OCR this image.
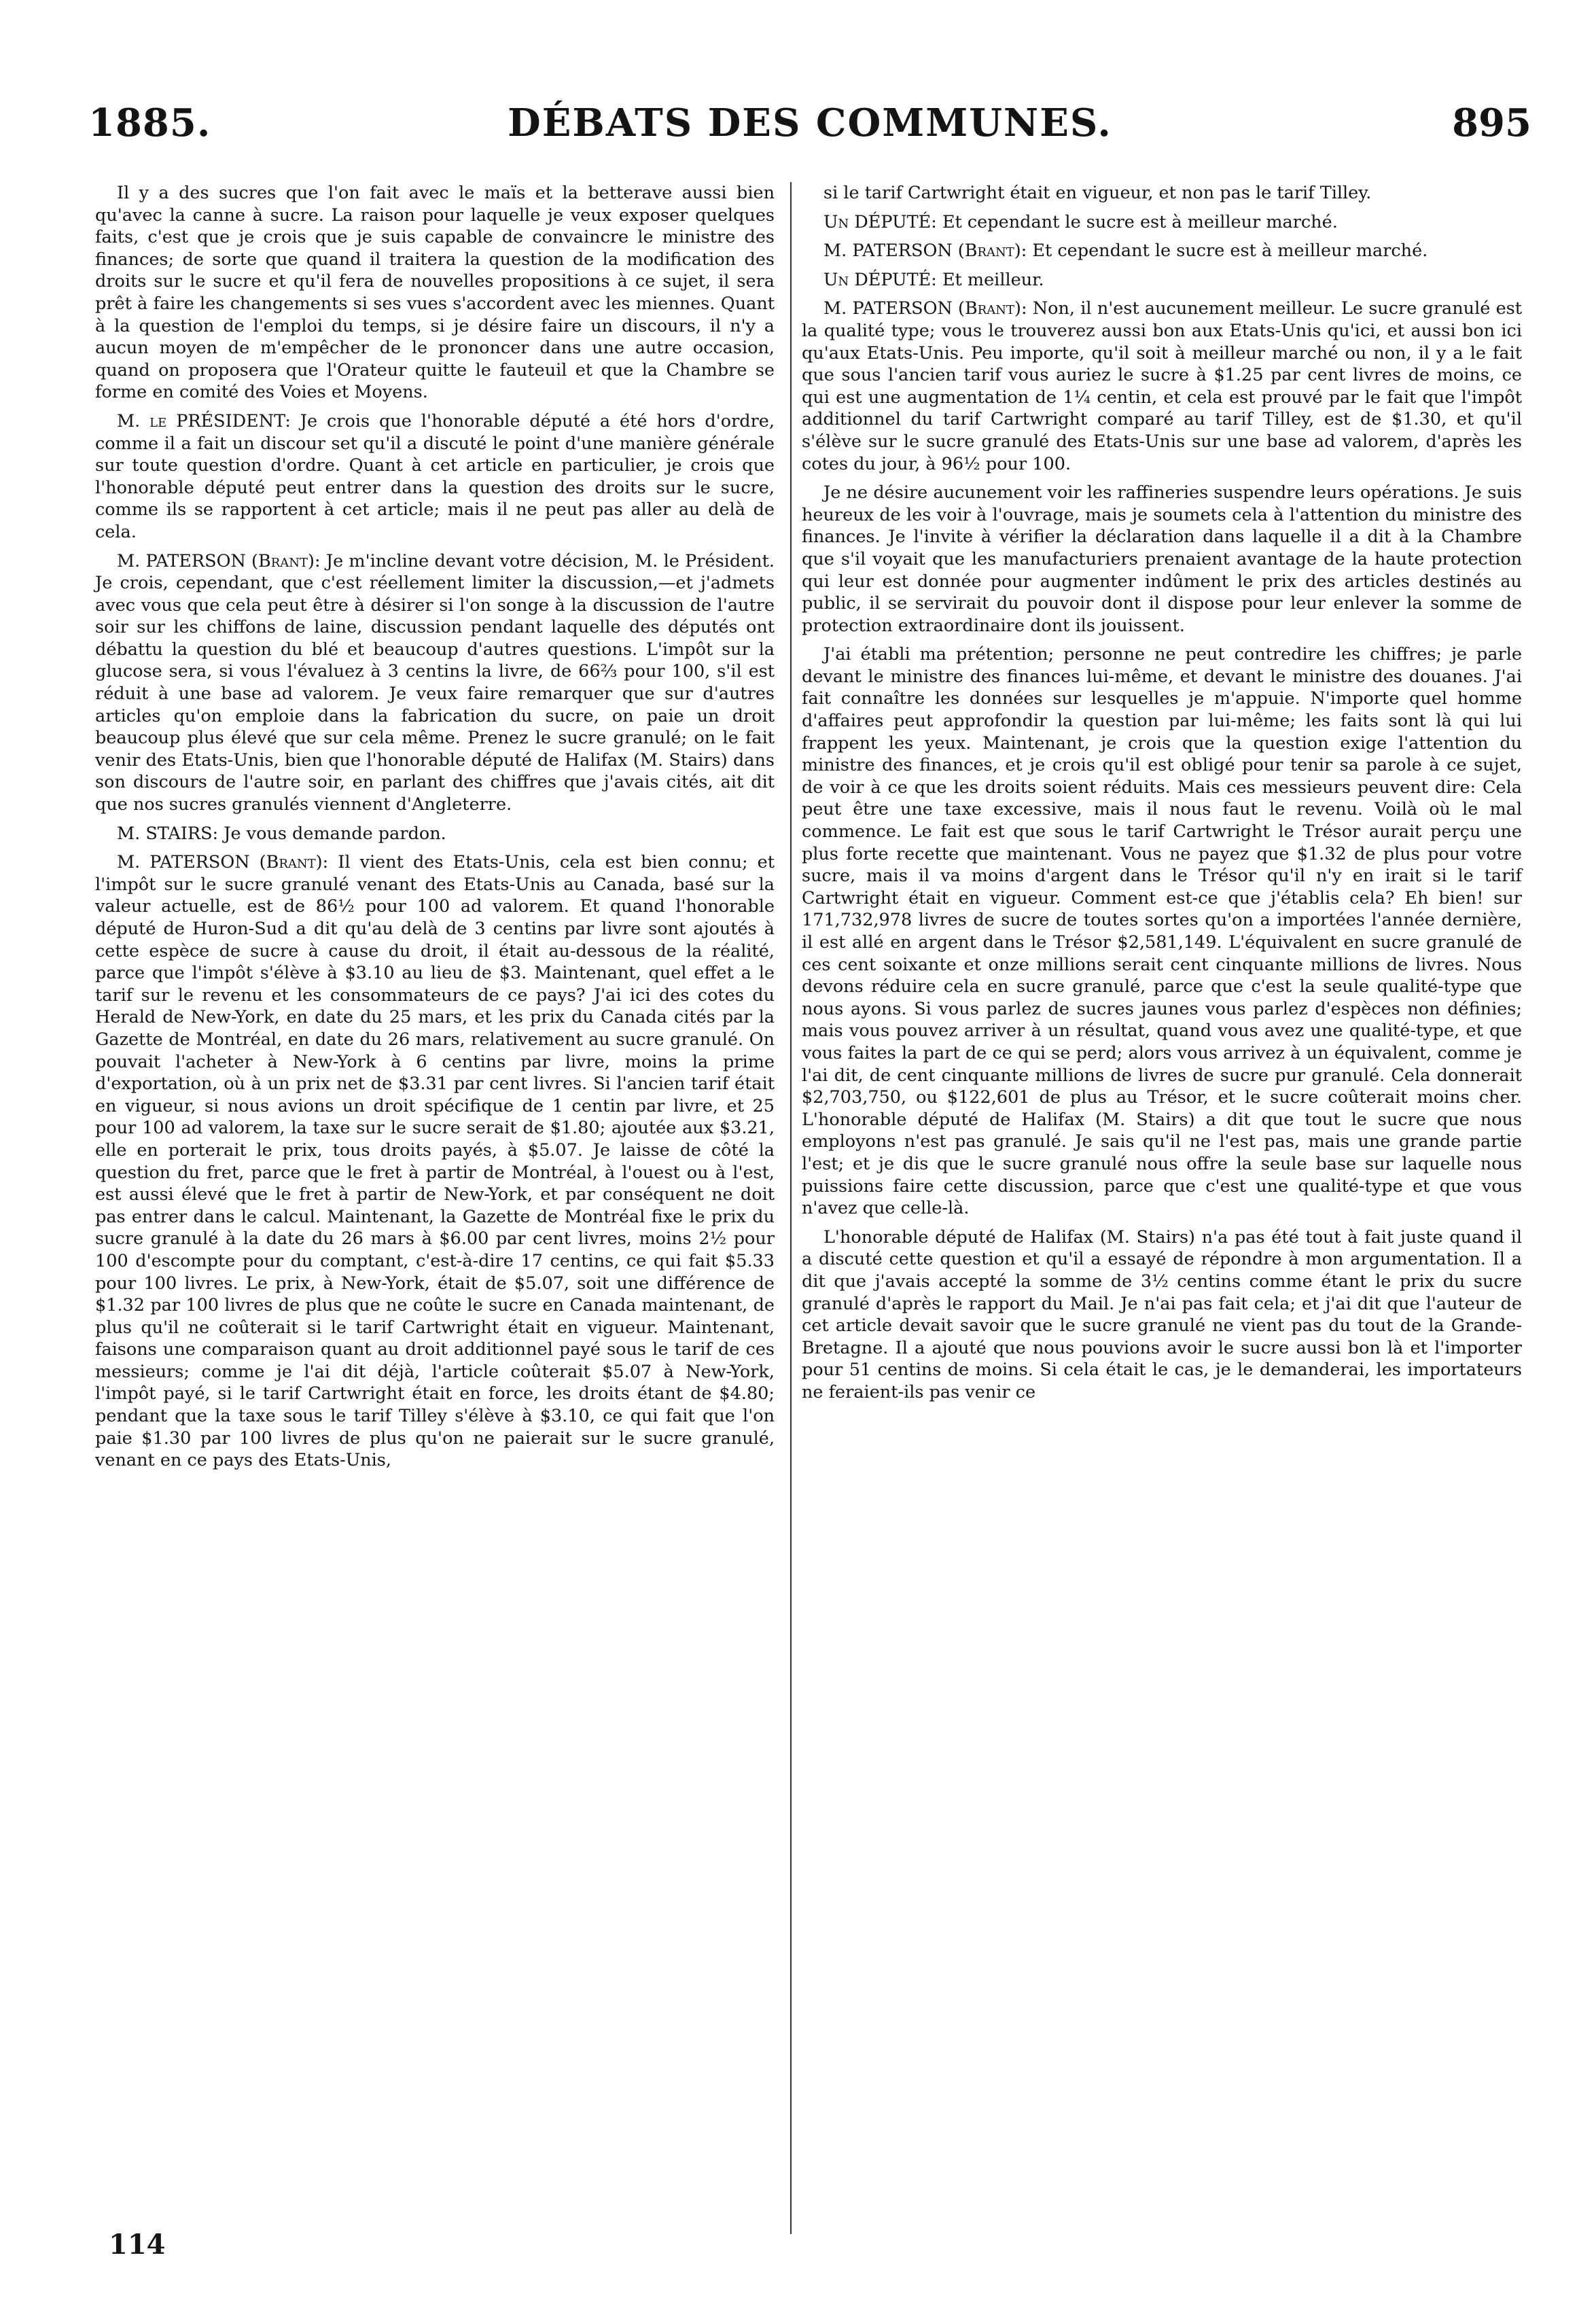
1885.	DÉBATS DES COMMUNES.	895

Il y a des sucres que l'on fait avec le maïs et la betterave aussi bien qu'avec la canne à sucre. La raison pour laquelle je veux exposer quelques faits, c'est que je crois que je suis capable de convaincre le ministre des finances; de sorte que quand il traitera la question de la modification des droits sur le sucre et qu'il fera de nouvelles propositions à ce sujet, il sera prêt à faire les changements si ses vues s'accordent avec les miennes. Quant à la question de l'emploi du temps, si je désire faire un discours, il n'y a aucun moyen de m'empêcher de le prononcer dans une autre occasion, quand on proposera que l'Orateur quitte le fauteuil et que la Chambre se forme en comité des Voies et Moyens.

M. le PRÉSIDENT: Je crois que l'honorable député a été hors d'ordre, comme il a fait un discour set qu'il a discuté le point d'une manière générale sur toute question d'ordre. Quant à cet article en particulier, je crois que l'honorable député peut entrer dans la question des droits sur le sucre, comme ils se rapportent à cet article; mais il ne peut pas aller au delà de cela.

M. PATERSON (Brant): Je m'incline devant votre décision, M. le Président. Je crois, cependant, que c'est réellement limiter la discussion,—et j'admets avec vous que cela peut être à désirer si l'on songe à la discussion de l'autre soir sur les chiffons de laine, discussion pendant laquelle des députés ont débattu la question du blé et beaucoup d'autres questions. L'impôt sur la glucose sera, si vous l'évaluez à 3 centins la livre, de 66⅔ pour 100, s'il est réduit à une base ad valorem. Je veux faire remarquer que sur d'autres articles qu'on emploie dans la fabrication du sucre, on paie un droit beaucoup plus élevé que sur cela même. Prenez le sucre granulé; on le fait venir des Etats-Unis, bien que l'honorable député de Halifax (M. Stairs) dans son discours de l'autre soir, en parlant des chiffres que j'avais cités, ait dit que nos sucres granulés viennent d'Angleterre.

M. STAIRS: Je vous demande pardon.

M. PATERSON (Brant): Il vient des Etats-Unis, cela est bien connu; et l'impôt sur le sucre granulé venant des Etats-Unis au Canada, basé sur la valeur actuelle, est de 86½ pour 100 ad valorem. Et quand l'honorable député de Huron-Sud a dit qu'au delà de 3 centins par livre sont ajoutés à cette espèce de sucre à cause du droit, il était au-dessous de la réalité, parce que l'impôt s'élève à $3.10 au lieu de $3. Maintenant, quel effet a le tarif sur le revenu et les consommateurs de ce pays? J'ai ici des cotes du Herald de New-York, en date du 25 mars, et les prix du Canada cités par la Gazette de Montréal, en date du 26 mars, relativement au sucre granulé. On pouvait l'acheter à New-York à 6 centins par livre, moins la prime d'exportation, où à un prix net de $3.31 par cent livres. Si l'ancien tarif était en vigueur, si nous avions un droit spécifique de 1 centin par livre, et 25 pour 100 ad valorem, la taxe sur le sucre serait de $1.80; ajoutée aux $3.21, elle en porterait le prix, tous droits payés, à $5.07. Je laisse de côté la question du fret, parce que le fret à partir de Montréal, à l'ouest ou à l'est, est aussi élevé que le fret à partir de New-York, et par conséquent ne doit pas entrer dans le calcul. Maintenant, la Gazette de Montréal fixe le prix du sucre granulé à la date du 26 mars à $6.00 par cent livres, moins 2½ pour 100 d'escompte pour du comptant, c'est-à-dire 17 centins, ce qui fait $5.33 pour 100 livres. Le prix, à New-York, était de $5.07, soit une différence de $1.32 par 100 livres de plus que ne coûte le sucre en Canada maintenant, de plus qu'il ne coûterait si le tarif Cartwright était en vigueur. Maintenant, faisons une comparaison quant au droit additionnel payé sous le tarif de ces messieurs; comme je l'ai dit déjà, l'article coûterait $5.07 à New-York, l'impôt payé, si le tarif Cartwright était en force, les droits étant de $4.80; pendant que la taxe sous le tarif Tilley s'élève à $3.10, ce qui fait que l'on paie $1.30 par 100 livres de plus qu'on ne paierait sur le sucre granulé, venant en ce pays des Etats-Unis,

si le tarif Cartwright était en vigueur, et non pas le tarif Tilley.

Un DÉPUTÉ: Et cependant le sucre est à meilleur marché.

M. PATERSON (Brant): Et cependant le sucre est à meilleur marché.

Un DÉPUTÉ: Et meilleur.

M. PATERSON (Brant): Non, il n'est aucunement meilleur. Le sucre granulé est la qualité type; vous le trouverez aussi bon aux Etats-Unis qu'ici, et aussi bon ici qu'aux Etats-Unis. Peu importe, qu'il soit à meilleur marché ou non, il y a le fait que sous l'ancien tarif vous auriez le sucre à $1.25 par cent livres de moins, ce qui est une augmentation de 1¼ centin, et cela est prouvé par le fait que l'impôt additionnel du tarif Cartwright comparé au tarif Tilley, est de $1.30, et qu'il s'élève sur le sucre granulé des Etats-Unis sur une base ad valorem, d'après les cotes du jour, à 96½ pour 100.

Je ne désire aucunement voir les raffineries suspendre leurs opérations. Je suis heureux de les voir à l'ouvrage, mais je soumets cela à l'attention du ministre des finances. Je l'invite à vérifier la déclaration dans laquelle il a dit à la Chambre que s'il voyait que les manufacturiers prenaient avantage de la haute protection qui leur est donnée pour augmenter indûment le prix des articles destinés au public, il se servirait du pouvoir dont il dispose pour leur enlever la somme de protection extraordinaire dont ils jouissent.

J'ai établi ma prétention; personne ne peut contredire les chiffres; je parle devant le ministre des finances lui-même, et devant le ministre des douanes. J'ai fait connaître les données sur lesquelles je m'appuie. N'importe quel homme d'affaires peut approfondir la question par lui-même; les faits sont là qui lui frappent les yeux. Maintenant, je crois que la question exige l'attention du ministre des finances, et je crois qu'il est obligé pour tenir sa parole à ce sujet, de voir à ce que les droits soient réduits. Mais ces messieurs peuvent dire: Cela peut être une taxe excessive, mais il nous faut le revenu. Voilà où le mal commence. Le fait est que sous le tarif Cartwright le Trésor aurait perçu une plus forte recette que maintenant. Vous ne payez que $1.32 de plus pour votre sucre, mais il va moins d'argent dans le Trésor qu'il n'y en irait si le tarif Cartwright était en vigueur. Comment est-ce que j'établis cela? Eh bien! sur 171,732,978 livres de sucre de toutes sortes qu'on a importées l'année dernière, il est allé en argent dans le Trésor $2,581,149. L'équivalent en sucre granulé de ces cent soixante et onze millions serait cent cinquante millions de livres. Nous devons réduire cela en sucre granulé, parce que c'est la seule qualité-type que nous ayons. Si vous parlez de sucres jaunes vous parlez d'espèces non définies; mais vous pouvez arriver à un résultat, quand vous avez une qualité-type, et que vous faites la part de ce qui se perd; alors vous arrivez à un équivalent, comme je l'ai dit, de cent cinquante millions de livres de sucre pur granulé. Cela donnerait $2,703,750, ou $122,601 de plus au Trésor, et le sucre coûterait moins cher. L'honorable député de Halifax (M. Stairs) a dit que tout le sucre que nous employons n'est pas granulé. Je sais qu'il ne l'est pas, mais une grande partie l'est; et je dis que le sucre granulé nous offre la seule base sur laquelle nous puissions faire cette discussion, parce que c'est une qualité-type et que vous n'avez que celle-là.

L'honorable député de Halifax (M. Stairs) n'a pas été tout à fait juste quand il a discuté cette question et qu'il a essayé de répondre à mon argumentation. Il a dit que j'avais accepté la somme de 3½ centins comme étant le prix du sucre granulé d'après le rapport du Mail. Je n'ai pas fait cela; et j'ai dit que l'auteur de cet article devait savoir que le sucre granulé ne vient pas du tout de la Grande-Bretagne. Il a ajouté que nous pouvions avoir le sucre aussi bon là et l'importer pour 51 centins de moins. Si cela était le cas, je le demanderai, les importateurs ne feraient-ils pas venir ce

114
